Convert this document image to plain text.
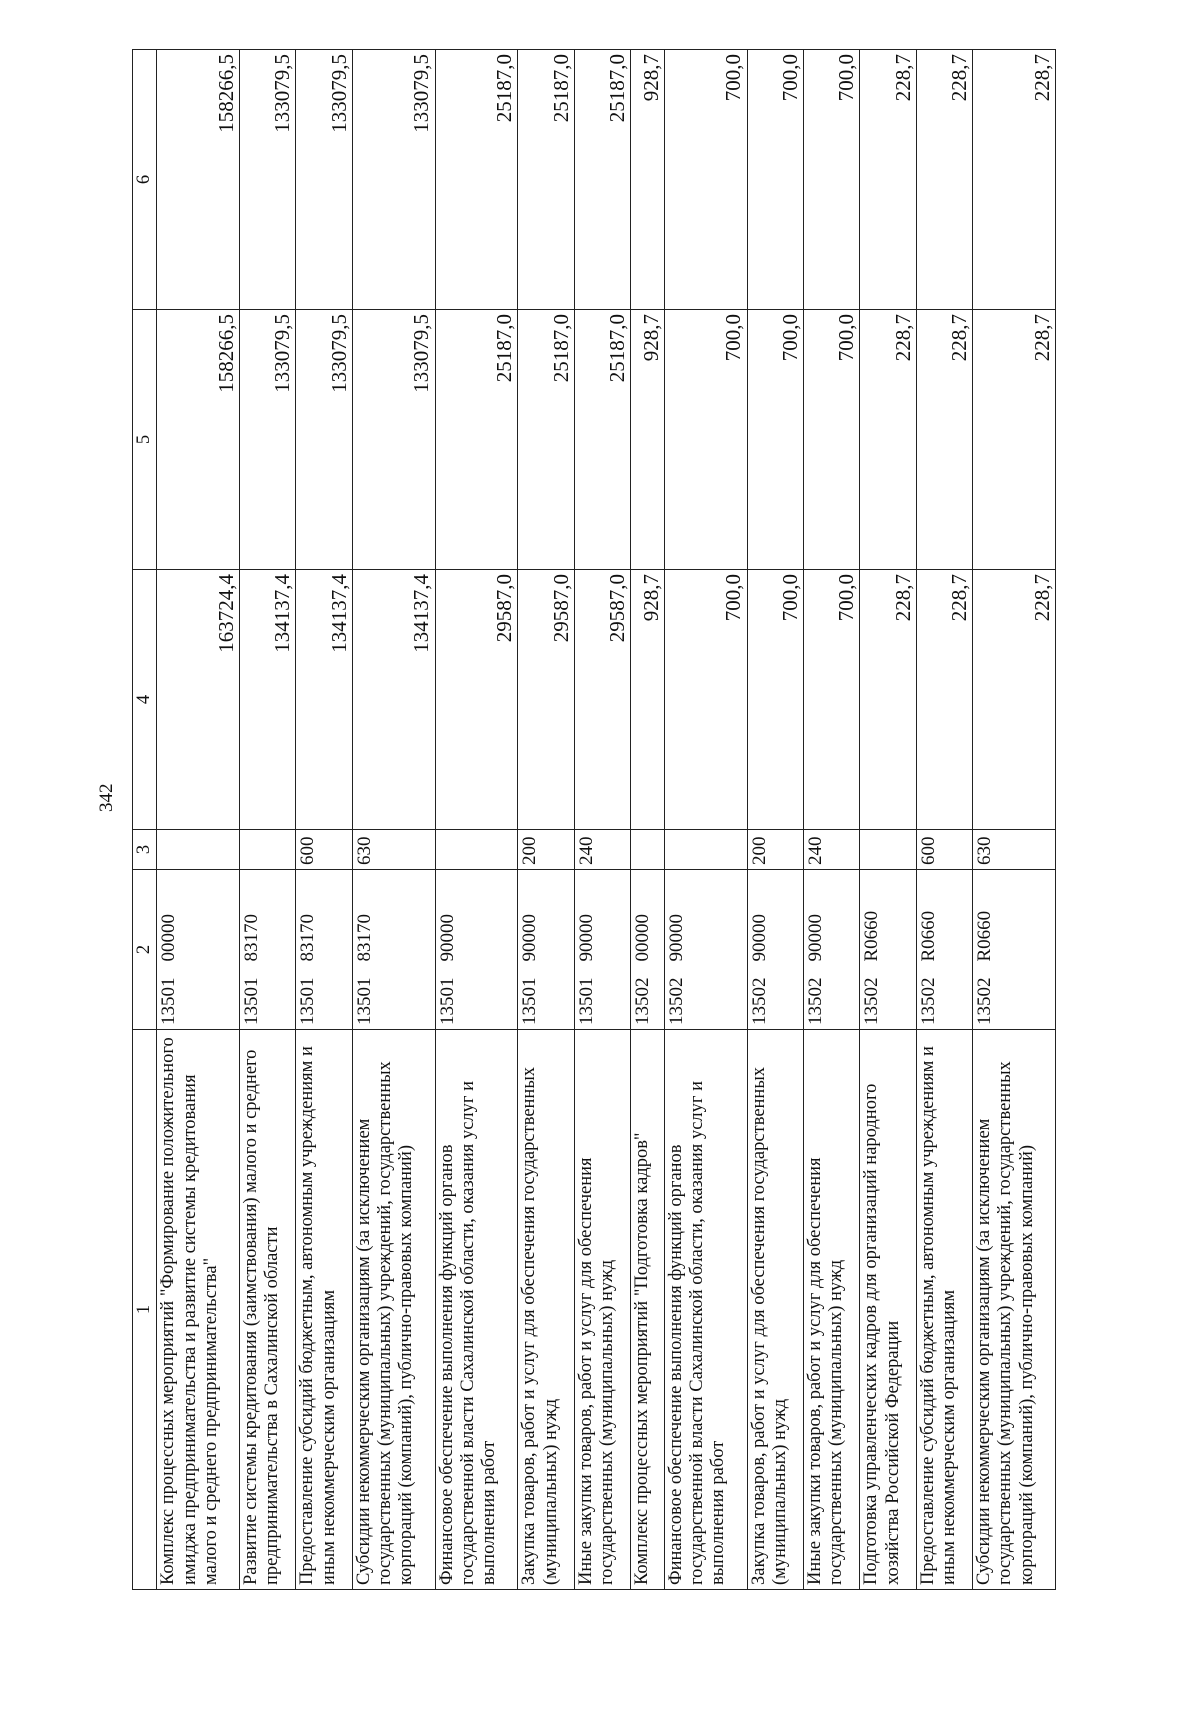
342
1	2	3	4	5	6
Комплекс процессных мероприятий "Формирование положительного имиджа предпринимательства и развитие системы кредитования малого и среднего предпринимательства"	1350100000		163724,4	158266,5	158266,5
Развитие системы кредитования (заимствования) малого и среднего предпринимательства в Сахалинской области	1350183170		134137,4	133079,5	133079,5
Предоставление субсидий бюджетным, автономным учреждениям и иным некоммерческим организациям	1350183170	600	134137,4	133079,5	133079,5
Субсидии некоммерческим организациям (за исключением государственных (муниципальных) учреждений, государственных корпораций (компаний), публично-правовых компаний)	1350183170	630	134137,4	133079,5	133079,5
Финансовое обеспечение выполнения функций органов государственной власти Сахалинской области, оказания услуг и выполнения работ	1350190000		29587,0	25187,0	25187,0
Закупка товаров, работ и услуг для обеспечения государственных (муниципальных) нужд	1350190000	200	29587,0	25187,0	25187,0
Иные закупки товаров, работ и услуг для обеспечения государственных (муниципальных) нужд	1350190000	240	29587,0	25187,0	25187,0
Комплекс процессных мероприятий "Подготовка кадров"	1350200000		928,7	928,7	928,7
Финансовое обеспечение выполнения функций органов государственной власти Сахалинской области, оказания услуг и выполнения работ	1350290000		700,0	700,0	700,0
Закупка товаров, работ и услуг для обеспечения государственных (муниципальных) нужд	1350290000	200	700,0	700,0	700,0
Иные закупки товаров, работ и услуг для обеспечения государственных (муниципальных) нужд	1350290000	240	700,0	700,0	700,0
Подготовка управленческих кадров для организаций народного хозяйства Российской Федерации	13502R0660		228,7	228,7	228,7
Предоставление субсидий бюджетным, автономным учреждениям и иным некоммерческим организациям	13502R0660	600	228,7	228,7	228,7
Субсидии некоммерческим организациям (за исключением государственных (муниципальных) учреждений, государственных корпораций (компаний), публично-правовых компаний)	13502R0660	630	228,7	228,7	228,7
